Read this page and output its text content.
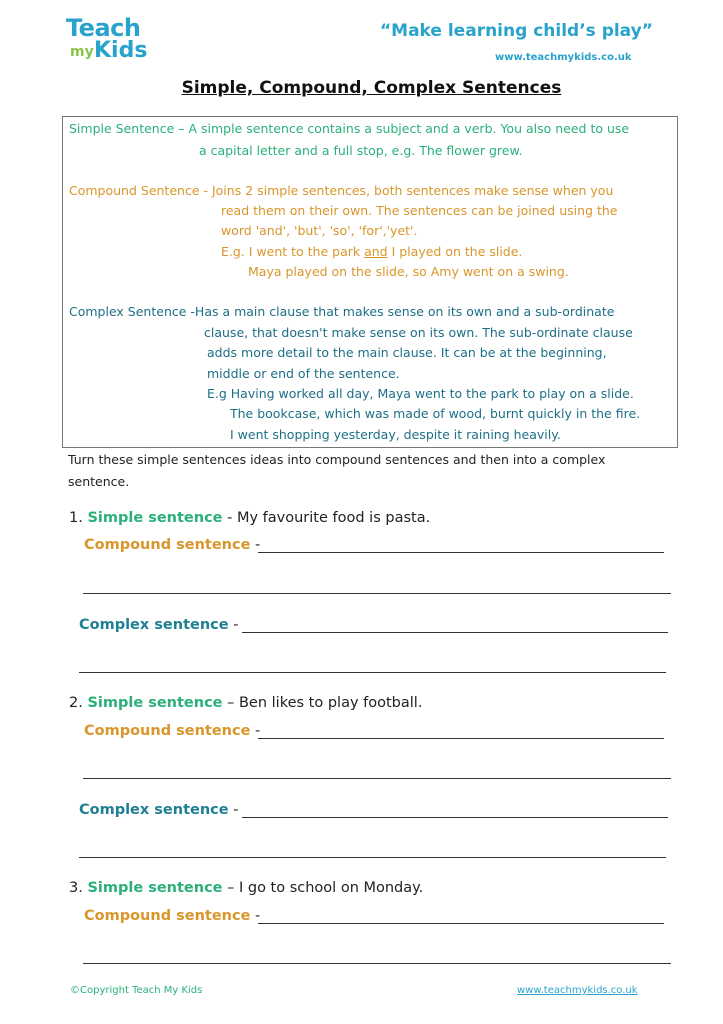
Teach
my Kids
“Make learning child’s play”
www.teachmykids.co.uk
Simple, Compound, Complex Sentences
Simple Sentence – A simple sentence contains a subject and a verb. You also need to use
a capital letter and a full stop, e.g. The flower grew.
Compound Sentence - Joins 2 simple sentences, both sentences make sense when you
read them on their own. The sentences can be joined using the
word 'and', 'but', 'so', 'for','yet'.
E.g. I went to the park and I played on the slide.
Maya played on the slide, so Amy went on a swing.
Complex Sentence -Has a main clause that makes sense on its own and a sub-ordinate
clause, that doesn't make sense on its own. The sub-ordinate clause
adds more detail to the main clause. It can be at the beginning,
middle or end of the sentence.
E.g Having worked all day, Maya went to the park to play on a slide.
The bookcase, which was made of wood, burnt quickly in the fire.
I went shopping yesterday, despite it raining heavily.
Turn these simple sentences ideas into compound sentences and then into a complex
sentence.
1. Simple sentence - My favourite food is pasta.
Compound sentence -
Complex sentence -
2. Simple sentence – Ben likes to play football.
Compound sentence -
Complex sentence -
3. Simple sentence – I go to school on Monday.
Compound sentence -
©Copyright Teach My Kids	www.teachmykids.co.uk
